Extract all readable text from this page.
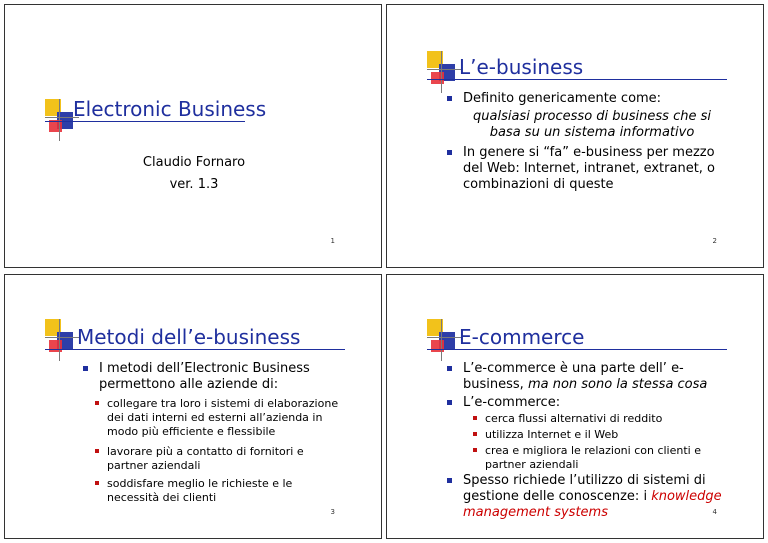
Electronic Business
Claudio Fornaro
ver. 1.3
1
L’e-business
Definito genericamente come:
qualsiasi processo di business che si
basa su un sistema informativo
In genere si “fa” e-business per mezzo del Web: Internet, intranet, extranet, o combinazioni di queste
2
Metodi dell’e-business
I metodi dell’Electronic Business permettono alle aziende di:
collegare tra loro i sistemi di elaborazione dei dati interni ed esterni all’azienda in modo più efficiente e flessibile
lavorare più a contatto di fornitori e partner aziendali
soddisfare meglio le richieste e le necessità dei clienti
3
E-commerce
L’e-commerce è una parte dell’ e-business, ma non sono la stessa cosa
L’e-commerce:
cerca flussi alternativi di reddito
utilizza Internet e il Web
crea e migliora le relazioni con clienti e partner aziendali
Spesso richiede l’utilizzo di sistemi di gestione delle conoscenze: i knowledge management systems	4
